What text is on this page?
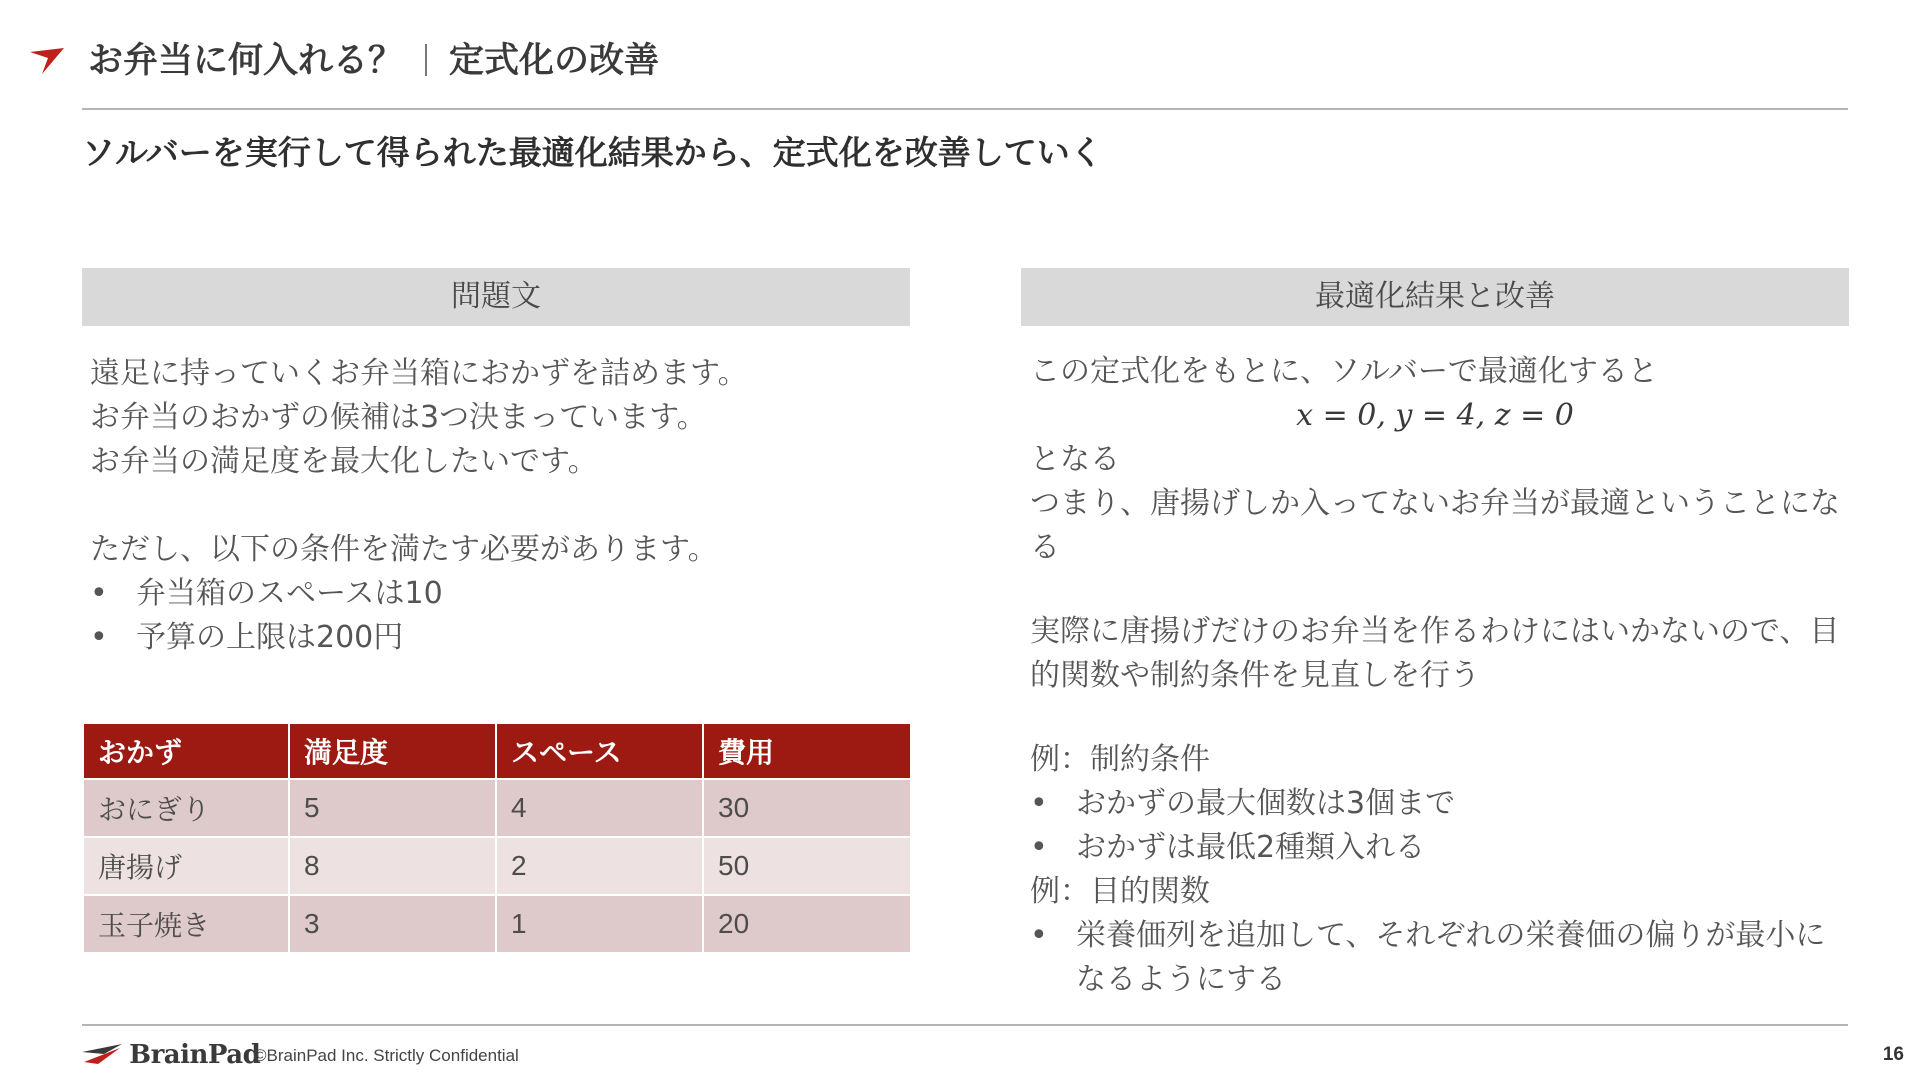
お弁当に何入れる？ 定式化の改善
ソルバーを実行して得られた最適化結果から、定式化を改善していく
問題文

遠足に持っていくお弁当箱におかずを詰めます。

お弁当のおかずの候補は3つ決まっています。

お弁当の満足度を最大化したいです。

ただし、以下の条件を満たす必要があります。

• 弁当箱のスペースは10

• 予算の上限は200円

おかず	満足度	スペース	費用
おにぎり	5	4	30
唐揚げ	8	2	50
玉子焼き	3	1	20
最適化結果と改善

この定式化をもとに、ソルバーで最適化すると

x = 0, y = 4, z = 0

となる

つまり、唐揚げしか入ってないお弁当が最適ということになる

実際に唐揚げだけのお弁当を作るわけにはいかないので、目的関数や制約条件を見直しを行う

例：制約条件

• おかずの最大個数は3個まで

• おかずは最低2種類入れる

例：目的関数

• 栄養価列を追加して、それぞれの栄養価の偏りが最小になるようにする

BrainPad
©BrainPad Inc. Strictly Confidential	16
